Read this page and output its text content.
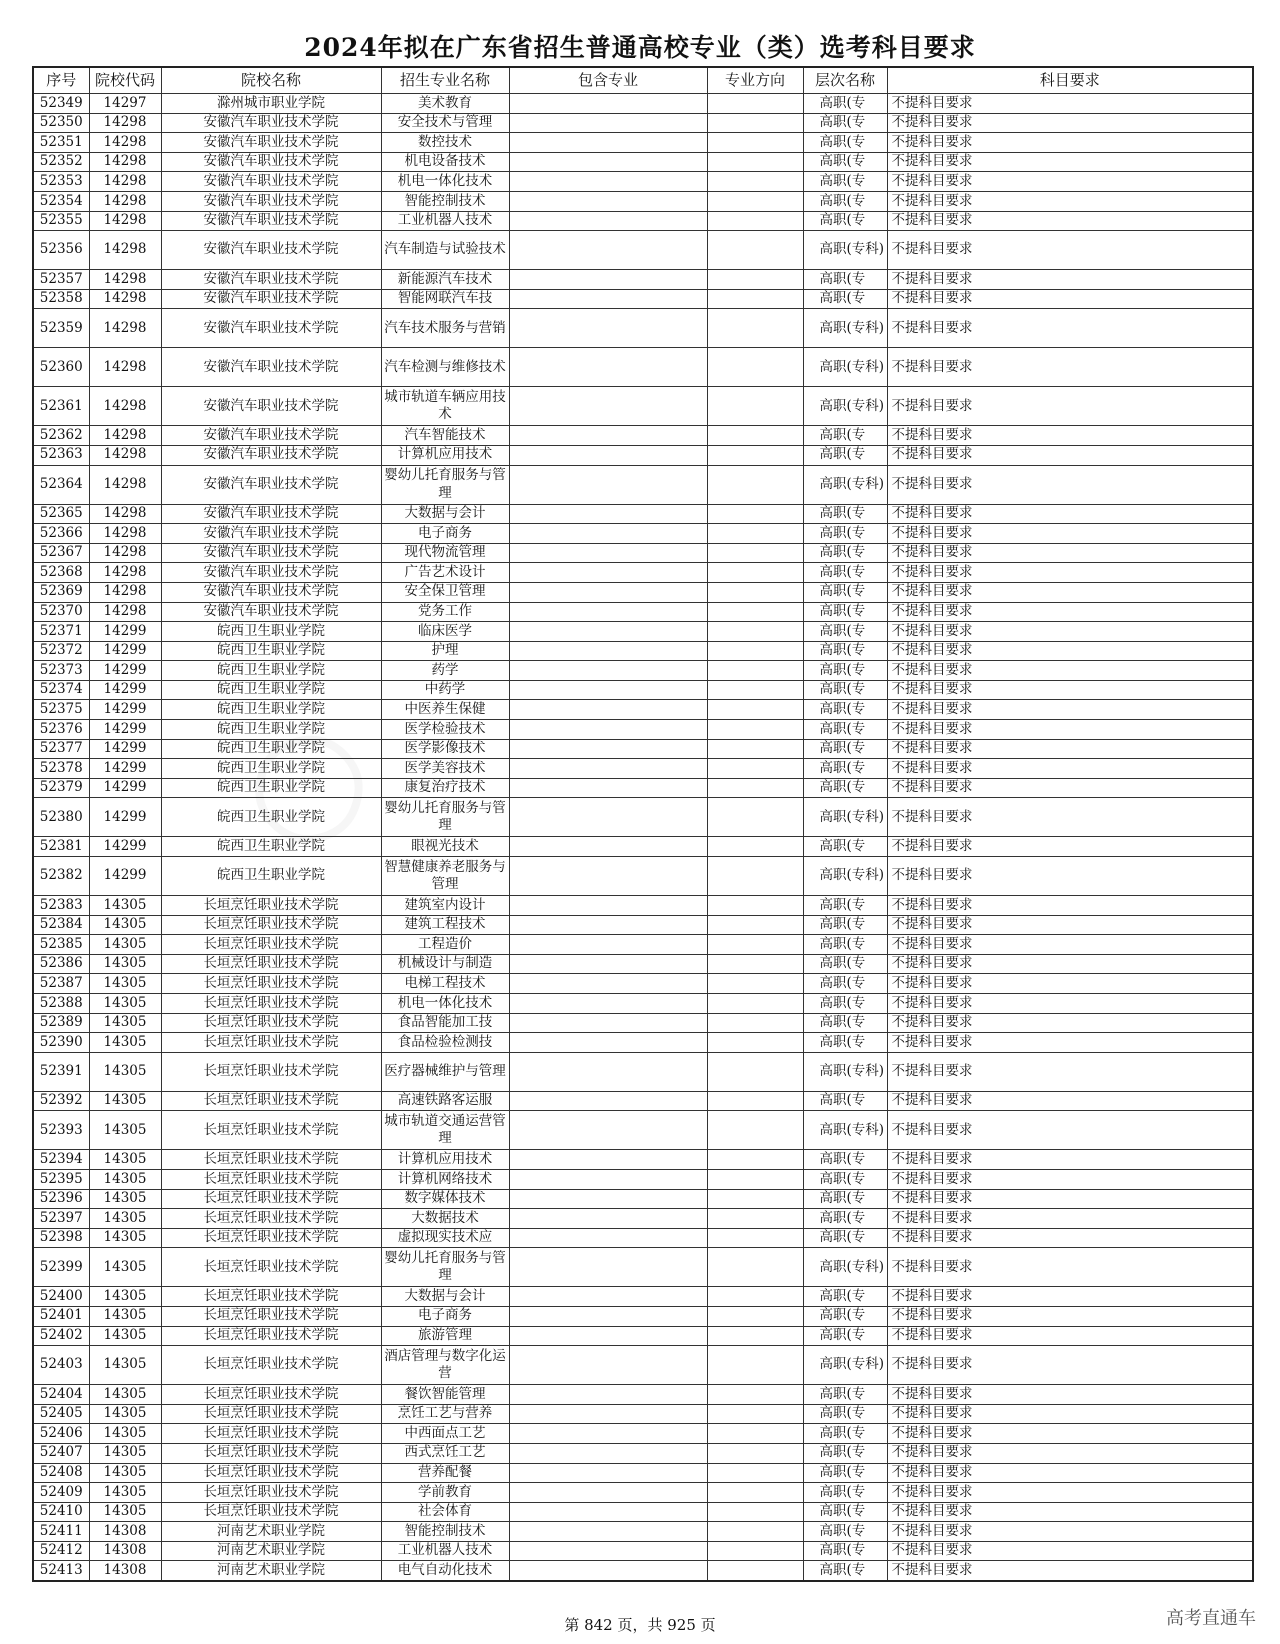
2024年拟在广东省招生普通高校专业（类）选考科目要求
序号	院校代码	院校名称	招生专业名称	包含专业	专业方向	层次名称	科目要求
52349	14297	滁州城市职业学院	美术教育			高职(专	不提科目要求
52350	14298	安徽汽车职业技术学院	安全技术与管理			高职(专	不提科目要求
52351	14298	安徽汽车职业技术学院	数控技术			高职(专	不提科目要求
52352	14298	安徽汽车职业技术学院	机电设备技术			高职(专	不提科目要求
52353	14298	安徽汽车职业技术学院	机电一体化技术			高职(专	不提科目要求
52354	14298	安徽汽车职业技术学院	智能控制技术			高职(专	不提科目要求
52355	14298	安徽汽车职业技术学院	工业机器人技术			高职(专	不提科目要求
52356	14298	安徽汽车职业技术学院	汽车制造与试验技术			高职(专科)	不提科目要求
52357	14298	安徽汽车职业技术学院	新能源汽车技术			高职(专	不提科目要求
52358	14298	安徽汽车职业技术学院	智能网联汽车技			高职(专	不提科目要求
52359	14298	安徽汽车职业技术学院	汽车技术服务与营销			高职(专科)	不提科目要求
52360	14298	安徽汽车职业技术学院	汽车检测与维修技术			高职(专科)	不提科目要求
52361	14298	安徽汽车职业技术学院	城市轨道车辆应用技术			高职(专科)	不提科目要求
52362	14298	安徽汽车职业技术学院	汽车智能技术			高职(专	不提科目要求
52363	14298	安徽汽车职业技术学院	计算机应用技术			高职(专	不提科目要求
52364	14298	安徽汽车职业技术学院	婴幼儿托育服务与管理			高职(专科)	不提科目要求
52365	14298	安徽汽车职业技术学院	大数据与会计			高职(专	不提科目要求
52366	14298	安徽汽车职业技术学院	电子商务			高职(专	不提科目要求
52367	14298	安徽汽车职业技术学院	现代物流管理			高职(专	不提科目要求
52368	14298	安徽汽车职业技术学院	广告艺术设计			高职(专	不提科目要求
52369	14298	安徽汽车职业技术学院	安全保卫管理			高职(专	不提科目要求
52370	14298	安徽汽车职业技术学院	党务工作			高职(专	不提科目要求
52371	14299	皖西卫生职业学院	临床医学			高职(专	不提科目要求
52372	14299	皖西卫生职业学院	护理			高职(专	不提科目要求
52373	14299	皖西卫生职业学院	药学			高职(专	不提科目要求
52374	14299	皖西卫生职业学院	中药学			高职(专	不提科目要求
52375	14299	皖西卫生职业学院	中医养生保健			高职(专	不提科目要求
52376	14299	皖西卫生职业学院	医学检验技术			高职(专	不提科目要求
52377	14299	皖西卫生职业学院	医学影像技术			高职(专	不提科目要求
52378	14299	皖西卫生职业学院	医学美容技术			高职(专	不提科目要求
52379	14299	皖西卫生职业学院	康复治疗技术			高职(专	不提科目要求
52380	14299	皖西卫生职业学院	婴幼儿托育服务与管理			高职(专科)	不提科目要求
52381	14299	皖西卫生职业学院	眼视光技术			高职(专	不提科目要求
52382	14299	皖西卫生职业学院	智慧健康养老服务与管理			高职(专科)	不提科目要求
52383	14305	长垣烹饪职业技术学院	建筑室内设计			高职(专	不提科目要求
52384	14305	长垣烹饪职业技术学院	建筑工程技术			高职(专	不提科目要求
52385	14305	长垣烹饪职业技术学院	工程造价			高职(专	不提科目要求
52386	14305	长垣烹饪职业技术学院	机械设计与制造			高职(专	不提科目要求
52387	14305	长垣烹饪职业技术学院	电梯工程技术			高职(专	不提科目要求
52388	14305	长垣烹饪职业技术学院	机电一体化技术			高职(专	不提科目要求
52389	14305	长垣烹饪职业技术学院	食品智能加工技			高职(专	不提科目要求
52390	14305	长垣烹饪职业技术学院	食品检验检测技			高职(专	不提科目要求
52391	14305	长垣烹饪职业技术学院	医疗器械维护与管理			高职(专科)	不提科目要求
52392	14305	长垣烹饪职业技术学院	高速铁路客运服			高职(专	不提科目要求
52393	14305	长垣烹饪职业技术学院	城市轨道交通运营管理			高职(专科)	不提科目要求
52394	14305	长垣烹饪职业技术学院	计算机应用技术			高职(专	不提科目要求
52395	14305	长垣烹饪职业技术学院	计算机网络技术			高职(专	不提科目要求
52396	14305	长垣烹饪职业技术学院	数字媒体技术			高职(专	不提科目要求
52397	14305	长垣烹饪职业技术学院	大数据技术			高职(专	不提科目要求
52398	14305	长垣烹饪职业技术学院	虚拟现实技术应			高职(专	不提科目要求
52399	14305	长垣烹饪职业技术学院	婴幼儿托育服务与管理			高职(专科)	不提科目要求
52400	14305	长垣烹饪职业技术学院	大数据与会计			高职(专	不提科目要求
52401	14305	长垣烹饪职业技术学院	电子商务			高职(专	不提科目要求
52402	14305	长垣烹饪职业技术学院	旅游管理			高职(专	不提科目要求
52403	14305	长垣烹饪职业技术学院	酒店管理与数字化运营			高职(专科)	不提科目要求
52404	14305	长垣烹饪职业技术学院	餐饮智能管理			高职(专	不提科目要求
52405	14305	长垣烹饪职业技术学院	烹饪工艺与营养			高职(专	不提科目要求
52406	14305	长垣烹饪职业技术学院	中西面点工艺			高职(专	不提科目要求
52407	14305	长垣烹饪职业技术学院	西式烹饪工艺			高职(专	不提科目要求
52408	14305	长垣烹饪职业技术学院	营养配餐			高职(专	不提科目要求
52409	14305	长垣烹饪职业技术学院	学前教育			高职(专	不提科目要求
52410	14305	长垣烹饪职业技术学院	社会体育			高职(专	不提科目要求
52411	14308	河南艺术职业学院	智能控制技术			高职(专	不提科目要求
52412	14308	河南艺术职业学院	工业机器人技术			高职(专	不提科目要求
52413	14308	河南艺术职业学院	电气自动化技术			高职(专	不提科目要求
第 842 页，共 925 页	高考直通车
